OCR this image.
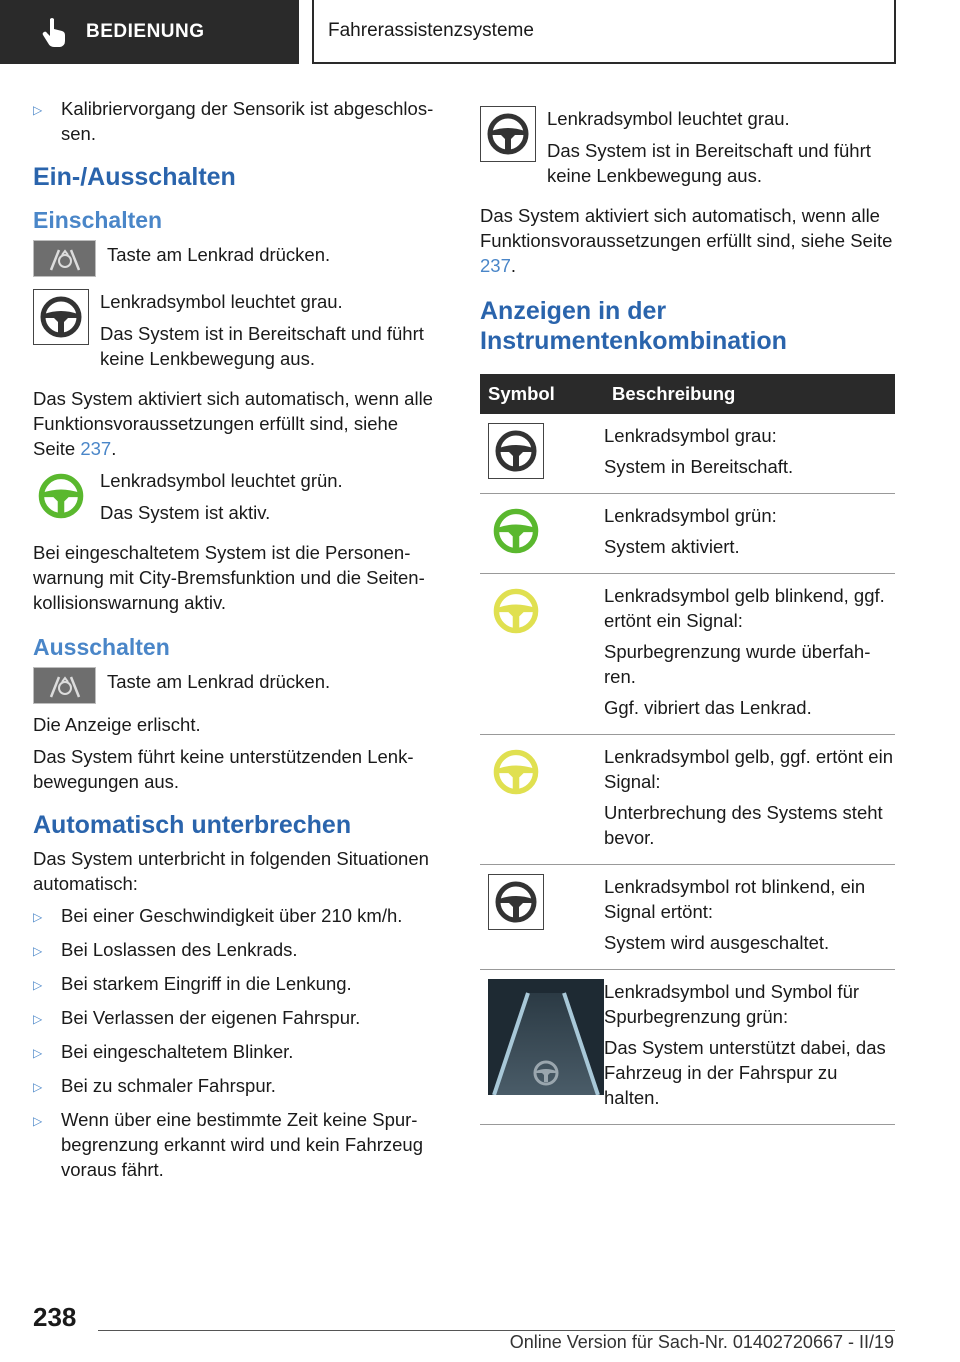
BEDIENUNG	Fahrerassistenzsysteme
▷	Kalibriervorgang der Sensorik ist abgeschlos-sen.
Ein-/Ausschalten
Einschalten

Taste am Lenkrad drücken.

Lenkradsymbol leuchtet grau.

Das System ist in Bereitschaft und führt keine Lenkbewegung aus.

Das System aktiviert sich automatisch, wenn alle Funktionsvoraussetzungen erfüllt sind, siehe Seite 237.

Lenkradsymbol leuchtet grün.

Das System ist aktiv.

Bei eingeschaltetem System ist die Personen-warnung mit City-Bremsfunktion und die Seiten-kollisionswarnung aktiv.

Ausschalten

Taste am Lenkrad drücken.

Die Anzeige erlischt.

Das System führt keine unterstützenden Lenk-bewegungen aus.

Automatisch unterbrechen

Das System unterbricht in folgenden Situationen automatisch:

▷	Bei einer Geschwindigkeit über 210 km/h.
▷	Bei Loslassen des Lenkrads.
▷	Bei starkem Eingriff in die Lenkung.
▷	Bei Verlassen der eigenen Fahrspur.
▷	Bei eingeschaltetem Blinker.
▷	Bei zu schmaler Fahrspur.
▷	Wenn über eine bestimmte Zeit keine Spur-begrenzung erkannt wird und kein Fahrzeug voraus fährt.

Lenkradsymbol leuchtet grau.

Das System ist in Bereitschaft und führt keine Lenkbewegung aus.

Das System aktiviert sich automatisch, wenn alle Funktionsvoraussetzungen erfüllt sind, siehe Seite 237.

Anzeigen in der Instrumentenkombination
Symbol	Beschreibung

Lenkradsymbol grau:

System in Bereitschaft.

Lenkradsymbol grün:

System aktiviert.

Lenkradsymbol gelb blinkend, ggf. ertönt ein Signal:

Spurbegrenzung wurde überfah-ren.

Ggf. vibriert das Lenkrad.

Lenkradsymbol gelb, ggf. ertönt ein Signal:

Unterbrechung des Systems steht bevor.

Lenkradsymbol rot blinkend, ein Signal ertönt:

System wird ausgeschaltet.

Lenkradsymbol und Symbol für Spurbegrenzung grün:

Das System unterstützt dabei, das Fahrzeug in der Fahrspur zu halten.

238
Online Version für Sach-Nr. 01402720667 - II/19
